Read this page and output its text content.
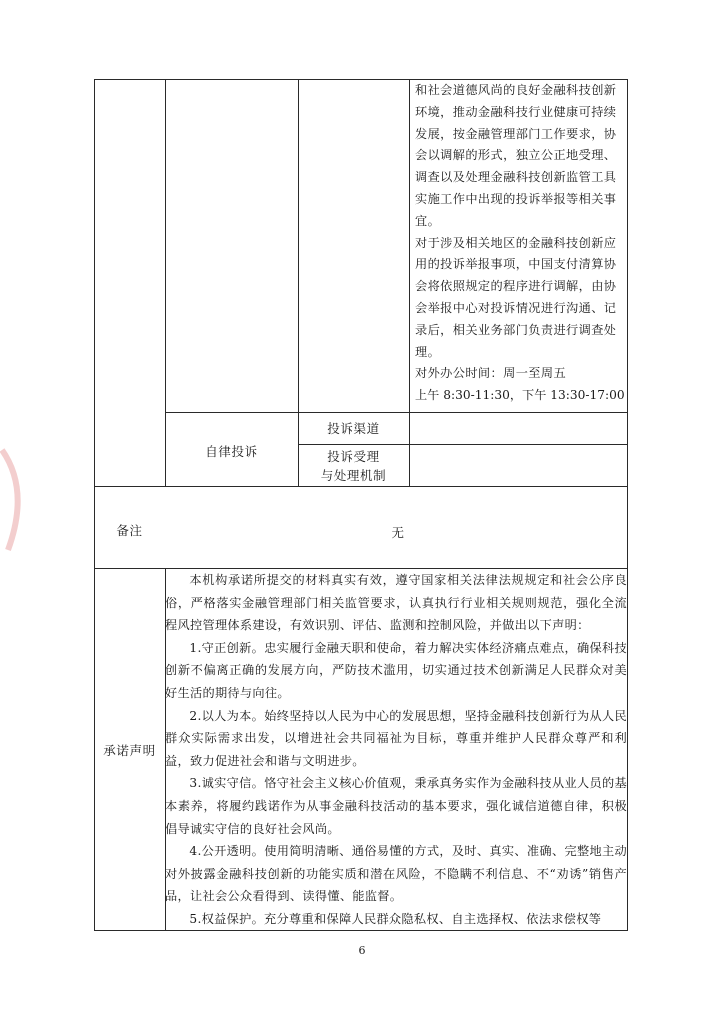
和社会道德风尚的良好金融科技创新
环境，推动金融科技行业健康可持续
发展，按金融管理部门工作要求，协
会以调解的形式，独立公正地受理、
调查以及处理金融科技创新监管工具
实施工作中出现的投诉举报等相关事
宜。
对于涉及相关地区的金融科技创新应
用的投诉举报事项，中国支付清算协
会将依照规定的程序进行调解，由协
会举报中心对投诉情况进行沟通、记
录后，相关业务部门负责进行调查处
理。
对外办公时间：周一至周五
上午 8:30-11:30，下午 13:30-17:00
自律投诉
投诉渠道
投诉受理
与处理机制
备注	无
承诺声明

本机构承诺所提交的材料真实有效，遵守国家相关法律法规规定和社会公序良俗，严格落实金融管理部门相关监管要求，认真执行行业相关规则规范，强化全流程风控管理体系建设，有效识别、评估、监测和控制风险，并做出以下声明：

1.守正创新。忠实履行金融天职和使命，着力解决实体经济痛点难点，确保科技创新不偏离正确的发展方向，严防技术滥用，切实通过技术创新满足人民群众对美好生活的期待与向往。

2.以人为本。始终坚持以人民为中心的发展思想，坚持金融科技创新行为从人民群众实际需求出发，以增进社会共同福祉为目标，尊重并维护人民群众尊严和利益，致力促进社会和谐与文明进步。

3.诚实守信。恪守社会主义核心价值观，秉承真务实作为金融科技从业人员的基本素养，将履约践诺作为从事金融科技活动的基本要求，强化诚信道德自律，积极倡导诚实守信的良好社会风尚。

4.公开透明。使用简明清晰、通俗易懂的方式，及时、真实、准确、完整地主动对外披露金融科技创新的功能实质和潜在风险，不隐瞒不利信息、不“劝诱”销售产品，让社会公众看得到、读得懂、能监督。

5.权益保护。充分尊重和保障人民群众隐私权、自主选择权、依法求偿权等

6
